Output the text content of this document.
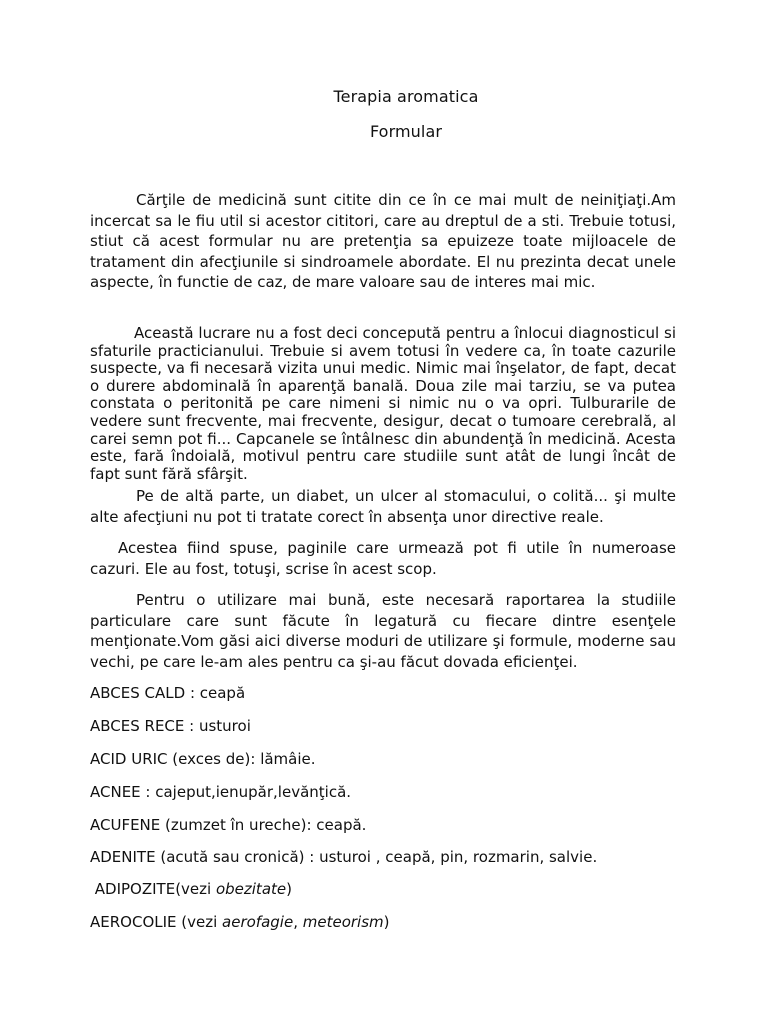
Terapia aromatica
Formular
Cărţile de medicină sunt citite din ce în ce mai mult de neiniţiaţi.Am incercat sa le fiu util si acestor cititori, care au dreptul de a sti. Trebuie totusi, stiut că acest formular nu are pretenţia sa epuizeze toate mijloacele de tratament din afecţiunile si sindroamele abordate. El nu prezinta decat unele aspecte, în functie de caz, de mare valoare sau de interes mai mic.
Această lucrare nu a fost deci concepută pentru a înlocui diagnosticul si sfaturile practicianului. Trebuie si avem totusi în vedere ca, în toate cazurile suspecte, va fi necesară vizita unui medic. Nimic mai înşelator, de fapt, decat o durere abdominală în aparenţă banală. Doua zile mai tarziu, se va putea constata o peritonită pe care nimeni si nimic nu o va opri. Tulburarile de vedere sunt frecvente, mai frecvente, desigur, decat o tumoare cerebrală, al carei semn pot fi... Capcanele se întâlnesc din abundenţă în medicină. Acesta este, fară îndoială, motivul pentru care studiile sunt atât de lungi încât de fapt sunt fără sfârşit.
Pe de altă parte, un diabet, un ulcer al stomacului, o colită... şi multe alte afecţiuni nu pot ti tratate corect în absenţa unor directive reale.
Acestea fiind spuse, paginile care urmează pot fi utile în numeroase cazuri. Ele au fost, totuşi, scrise în acest scop.
Pentru o utilizare mai bună, este necesară raportarea la studiile particulare care sunt făcute în legatură cu fiecare dintre esenţele menţionate.Vom găsi aici diverse moduri de utilizare şi formule, moderne sau vechi, pe care le-am ales pentru ca şi-au făcut dovada eficienţei.
ABCES CALD : ceapă
ABCES RECE : usturoi
ACID URIC (exces de): lămâie.
ACNEE : cajeput,ienupăr,levănţică.
ACUFENE (zumzet în ureche): ceapă.
ADENITE (acută sau cronică) : usturoi , ceapă, pin, rozmarin, salvie.
ADIPOZITE(vezi obezitate)
AEROCOLIE (vezi aerofagie, meteorism)
